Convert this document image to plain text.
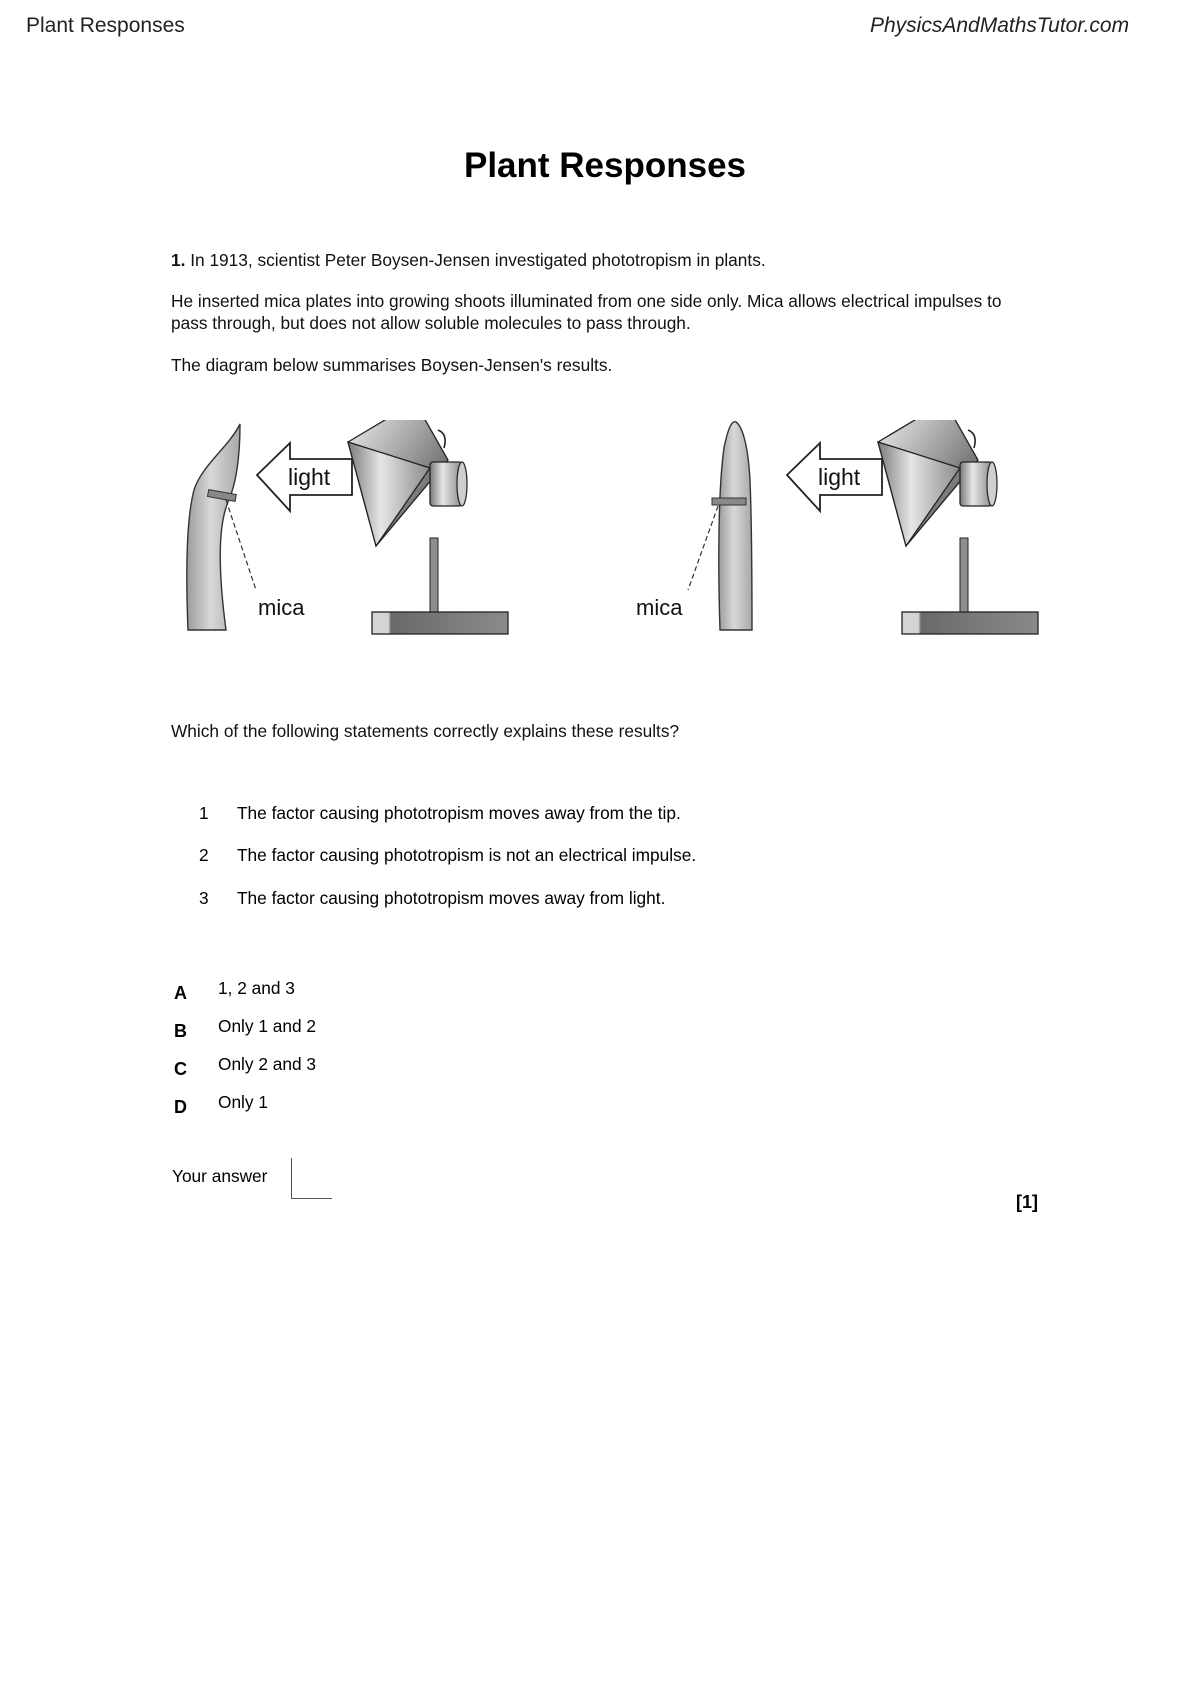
Plant Responses	PhysicsAndMathsTutor.com
Plant Responses
1. In 1913, scientist Peter Boysen-Jensen investigated phototropism in plants.
He inserted mica plates into growing shoots illuminated from one side only. Mica allows electrical impulses to
pass through, but does not allow soluble molecules to pass through.
The diagram below summarises Boysen-Jensen's results.
mica
light
mica
light
Which of the following statements correctly explains these results?
1 The factor causing phototropism moves away from the tip.
2 The factor causing phototropism is not an electrical impulse.
3 The factor causing phototropism moves away from light.
A 1, 2 and 3
B Only 1 and 2
C Only 2 and 3
D Only 1
Your answer
[1]
